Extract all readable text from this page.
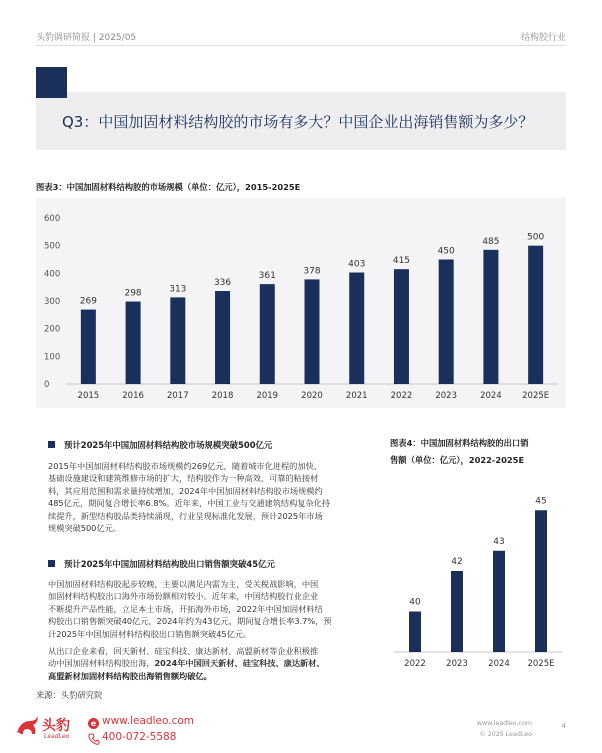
头豹调研简报 | 2025/05	结构胶行业
Q3：中国加固材料结构胶的市场有多大？中国企业出海销售额为多少？
图表3：中国加固材料结构胶的市场规模（单位：亿元），2015-2025E
0
100
200
300
400
500
600
269
2015
298
2016
313
2017
336
2018
361
2019
378
2020
403
2021
415
2022
450
2023
485
2024
500
2025E
图表4：中国加固材料结构胶的出口销
售额（单位：亿元），2022-2025E
40
2022
42
2023
43
2024
45
2025E
预计2025年中国加固材料结构胶市场规模突破500亿元
2015年中国加固材料结构胶市场规模约269亿元，随着城市化进程的加快、
基础设施建设和建筑维修市场的扩大，结构胶作为一种高效、可靠的粘接材
料，其应用范围和需求量持续增加，2024年中国加固材料结构胶市场规模约
485亿元，期间复合增长率6.8%。近年来，中国工业与交通建筑结构复杂化持
续提升，新型结构胶品类持续涌现，行业呈现标准化发展，预计2025年市场
规模突破500亿元。
预计2025年中国加固材料结构胶出口销售额突破45亿元
中国加固材料结构胶起步较晚，主要以满足内需为主，受关税战影响，中国
加固材料结构胶出口海外市场份额相对较小。近年来，中国结构胶行业企业
不断提升产品性能，立足本土市场，开拓海外市场，2022年中国加固材料结
构胶出口销售额突破40亿元，2024年约为43亿元，期间复合增长率3.7%，预
计2025年中国加固材料结构胶出口销售额突破45亿元。
从出口企业来看，回天新材、硅宝科技、康达新材、高盟新材等企业积极推
动中国加固材料结构胶出海，2024年中国回天新材、硅宝科技、康达新材、
高盟新材加固材料结构胶出海销售额均破亿。
来源：头豹研究院
头豹
LeadLeo
e www.leadleo.com
400-072-5588
www.leadleo.com	4
© 2025 LeadLeo
